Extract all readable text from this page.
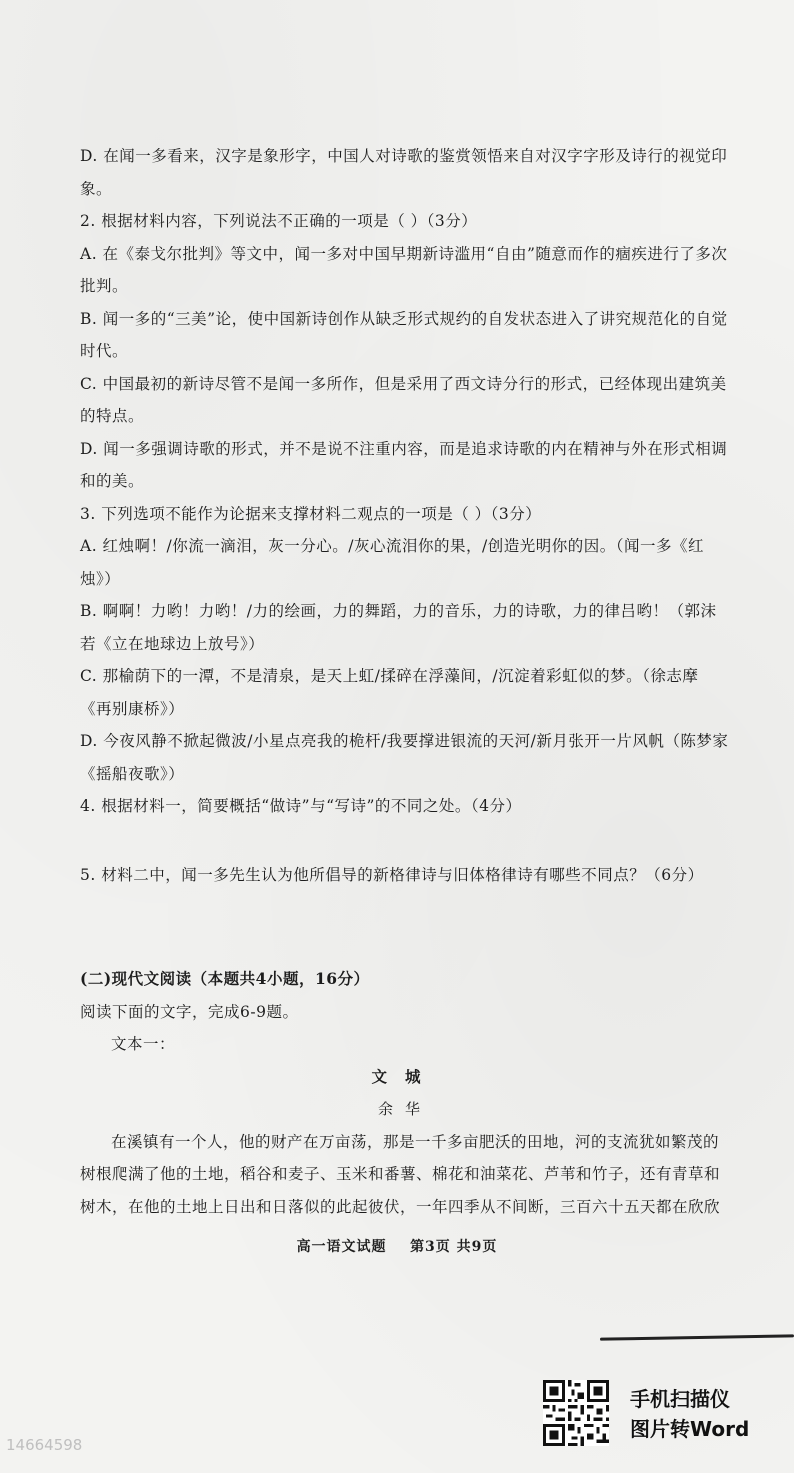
D. 在闻一多看来，汉字是象形字，中国人对诗歌的鉴赏领悟来自对汉字字形及诗行的视觉印象。
2. 根据材料内容，下列说法不正确的一项是（ ）（3分）
A. 在《泰戈尔批判》等文中，闻一多对中国早期新诗滥用“自由”随意而作的痼疾进行了多次批判。
B. 闻一多的“三美”论，使中国新诗创作从缺乏形式规约的自发状态进入了讲究规范化的自觉时代。
C. 中国最初的新诗尽管不是闻一多所作，但是采用了西文诗分行的形式，已经体现出建筑美的特点。
D. 闻一多强调诗歌的形式，并不是说不注重内容，而是追求诗歌的内在精神与外在形式相调和的美。
3. 下列选项不能作为论据来支撑材料二观点的一项是（ ）（3分）
A. 红烛啊！/你流一滴泪，灰一分心。/灰心流泪你的果，/创造光明你的因。（闻一多《红烛》）
B. 啊啊！力哟！力哟！/力的绘画，力的舞蹈，力的音乐，力的诗歌，力的律吕哟！（郭沫若《立在地球边上放号》）
C. 那榆荫下的一潭，不是清泉，是天上虹/揉碎在浮藻间，/沉淀着彩虹似的梦。（徐志摩《再别康桥》）
D. 今夜风静不掀起微波/小星点亮我的桅杆/我要撑进银流的天河/新月张开一片风帆（陈梦家《摇船夜歌》）
4. 根据材料一，简要概括“做诗”与“写诗”的不同之处。（4分）
5. 材料二中，闻一多先生认为他所倡导的新格律诗与旧体格律诗有哪些不同点？（6分）
(二)现代文阅读（本题共4小题，16分）
阅读下面的文字，完成6-9题。
文本一：
文城
余华
在溪镇有一个人，他的财产在万亩荡，那是一千多亩肥沃的田地，河的支流犹如繁茂的树根爬满了他的土地，稻谷和麦子、玉米和番薯、棉花和油菜花、芦苇和竹子，还有青草和树木，在他的土地上日出和日落似的此起彼伏，一年四季从不间断，三百六十五天都在欣欣
高一语文试题 第3页 共9页
手机扫描仪
图片转Word
14664598
